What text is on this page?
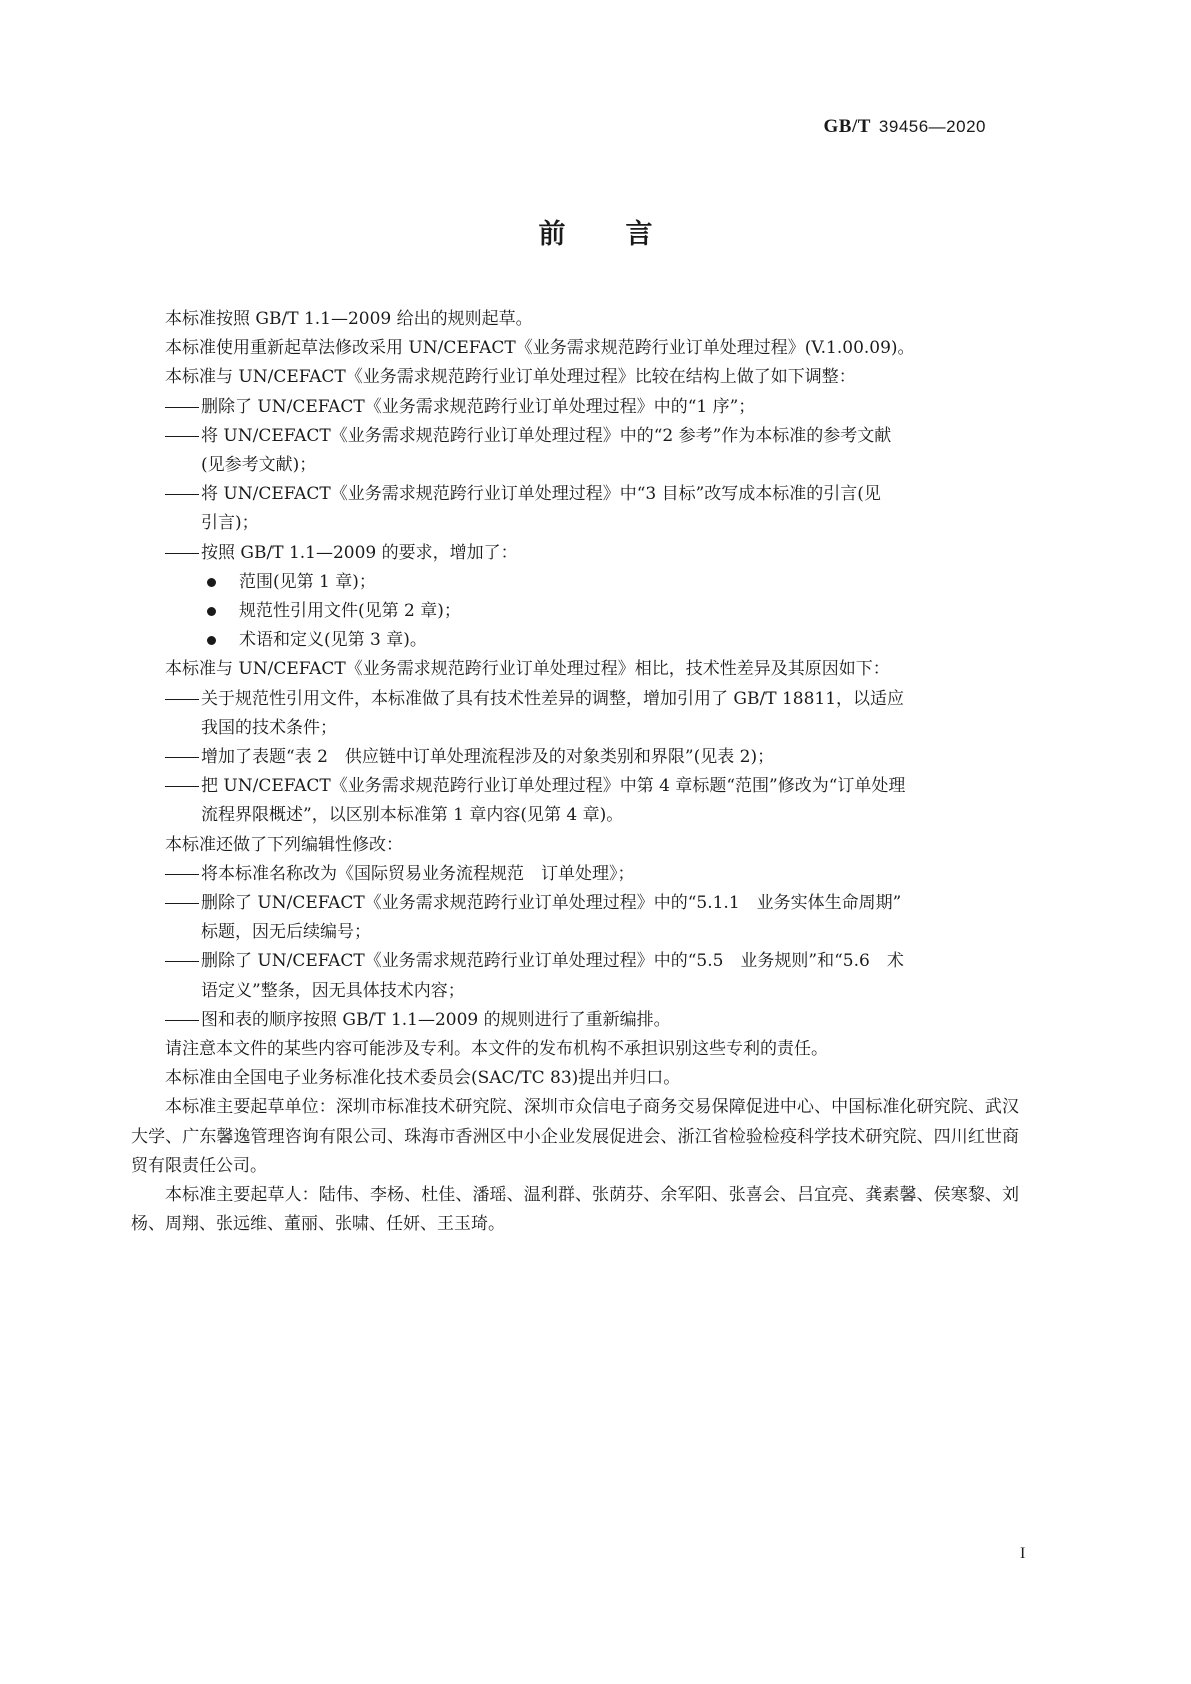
GB/T 39456—2020
前 言

本标准按照 GB/T 1.1—2009 给出的规则起草。

本标准使用重新起草法修改采用 UN/CEFACT《业务需求规范跨行业订单处理过程》(V.1.00.09)。

本标准与 UN/CEFACT《业务需求规范跨行业订单处理过程》比较在结构上做了如下调整：

删除了 UN/CEFACT《业务需求规范跨行业订单处理过程》中的“1 序”；

将 UN/CEFACT《业务需求规范跨行业订单处理过程》中的“2 参考”作为本标准的参考文献

(见参考文献)；

将 UN/CEFACT《业务需求规范跨行业订单处理过程》中“3 目标”改写成本标准的引言(见

引言)；

按照 GB/T 1.1—2009 的要求，增加了：

范围(见第 1 章)；

规范性引用文件(见第 2 章)；

术语和定义(见第 3 章)。

本标准与 UN/CEFACT《业务需求规范跨行业订单处理过程》相比，技术性差异及其原因如下：

关于规范性引用文件，本标准做了具有技术性差异的调整，增加引用了 GB/T 18811，以适应

我国的技术条件；

增加了表题“表 2　供应链中订单处理流程涉及的对象类别和界限”(见表 2)；

把 UN/CEFACT《业务需求规范跨行业订单处理过程》中第 4 章标题“范围”修改为“订单处理

流程界限概述”，以区别本标准第 1 章内容(见第 4 章)。

本标准还做了下列编辑性修改：

将本标准名称改为《国际贸易业务流程规范　订单处理》；

删除了 UN/CEFACT《业务需求规范跨行业订单处理过程》中的“5.1.1　业务实体生命周期”

标题，因无后续编号；

删除了 UN/CEFACT《业务需求规范跨行业订单处理过程》中的“5.5　业务规则”和“5.6　术

语定义”整条，因无具体技术内容；

图和表的顺序按照 GB/T 1.1—2009 的规则进行了重新编排。

请注意本文件的某些内容可能涉及专利。本文件的发布机构不承担识别这些专利的责任。

本标准由全国电子业务标准化技术委员会(SAC/TC 83)提出并归口。

本标准主要起草单位：深圳市标准技术研究院、深圳市众信电子商务交易保障促进中心、中国标准化研究院、武汉大学、广东馨逸管理咨询有限公司、珠海市香洲区中小企业发展促进会、浙江省检验检疫科学技术研究院、四川红世商贸有限责任公司。

本标准主要起草人：陆伟、李杨、杜佳、潘瑶、温利群、张荫芬、余军阳、张喜会、吕宜亮、龚素馨、侯寒黎、刘杨、周翔、张远维、董丽、张啸、任妍、王玉琦。

I
